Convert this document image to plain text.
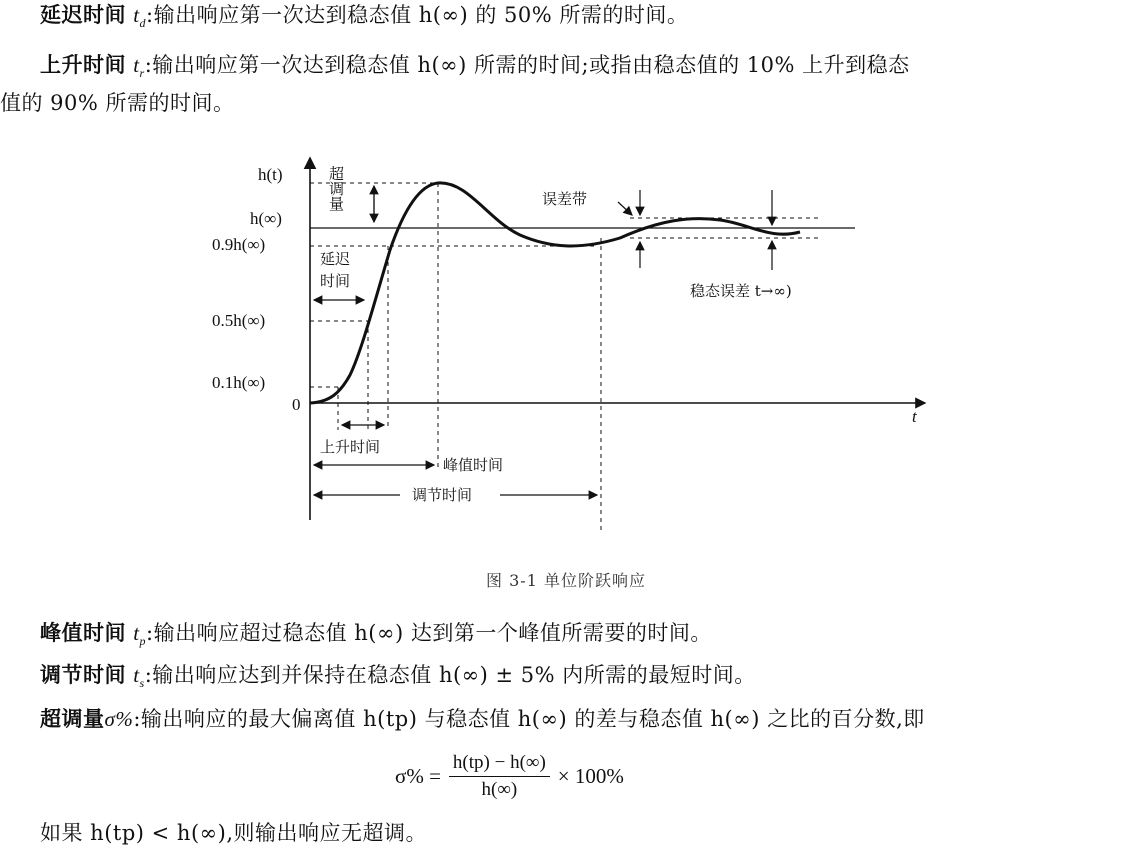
延迟时间 $t_d$:输出响应第一次达到稳态值 h(∞) 的 50% 所需的时间。
上升时间 $t_r$:输出响应第一次达到稳态值 h(∞) 所需的时间;或指由稳态值的 10% 上升到稳态
值的 90% 所需的时间。
h(t)
h(∞)
0.9h(∞)
0.5h(∞)
0.1h(∞)
0
t
超调量
延迟
时间
上升时间
峰值时间
调节时间
误差带
稳态误差 t→∞)
图 3-1 单位阶跃响应
峰值时间 $t_p$:输出响应超过稳态值 h(∞) 达到第一个峰值所需要的时间。
调节时间 $t_s$:输出响应达到并保持在稳态值 h(∞) ± 5% 内所需的最短时间。
超调量σ%:输出响应的最大偏离值 h(tp) 与稳态值 h(∞) 的差与稳态值 h(∞) 之比的百分数,即
$\sigma\% = \frac{h(tp) - h(\infty)}{h(\infty)} \times 100\%$
如果 h(tp) < h(∞),则输出响应无超调。
